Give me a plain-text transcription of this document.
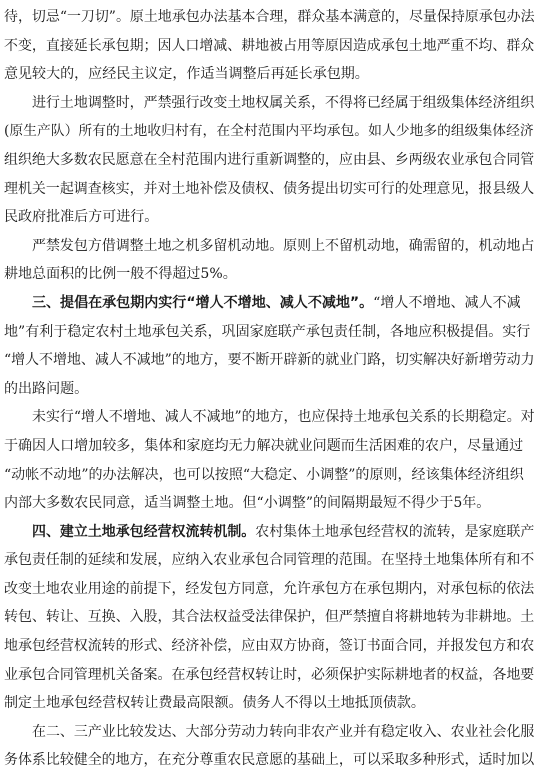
待，切忌“一刀切”。原土地承包办法基本合理，群众基本满意的，尽量保持原承包办法
不变，直接延长承包期；因人口增减、耕地被占用等原因造成承包土地严重不均、群众
意见较大的，应经民主议定，作适当调整后再延长承包期。
进行土地调整时，严禁强行改变土地权属关系，不得将已经属于组级集体经济组织
(原生产队）所有的土地收归村有，在全村范围内平均承包。如人少地多的组级集体经济
组织绝大多数农民愿意在全村范围内进行重新调整的，应由县、乡两级农业承包合同管
理机关一起调查核实，并对土地补偿及债权、债务提出切实可行的处理意见，报县级人
民政府批准后方可进行。
严禁发包方借调整土地之机多留机动地。原则上不留机动地，确需留的，机动地占
耕地总面积的比例一般不得超过5%。
三、提倡在承包期内实行“增人不增地、减人不减地”。“增人不增地、减人不减
地”有利于稳定农村土地承包关系，巩固家庭联产承包责任制，各地应积极提倡。实行
“增人不增地、减人不减地”的地方，要不断开辟新的就业门路，切实解决好新增劳动力
的出路问题。
未实行“增人不增地、减人不减地”的地方，也应保持土地承包关系的长期稳定。对
于确因人口增加较多，集体和家庭均无力解决就业问题而生活困难的农户，尽量通过
“动帐不动地”的办法解决，也可以按照“大稳定、小调整”的原则，经该集体经济组织
内部大多数农民同意，适当调整土地。但“小调整”的间隔期最短不得少于5年。
四、建立土地承包经营权流转机制。农村集体土地承包经营权的流转，是家庭联产
承包责任制的延续和发展，应纳入农业承包合同管理的范围。在坚持土地集体所有和不
改变土地农业用途的前提下，经发包方同意，允许承包方在承包期内，对承包标的依法
转包、转让、互换、入股，其合法权益受法律保护，但严禁擅自将耕地转为非耕地。土
地承包经营权流转的形式、经济补偿，应由双方协商，签订书面合同，并报发包方和农
业承包合同管理机关备案。在承包经营权转让时，必须保护实际耕地者的权益，各地要
制定土地承包经营权转让费最高限额。债务人不得以土地抵顶债款。
在二、三产业比较发达、大部分劳动力转向非农产业并有稳定收入、农业社会化服
务体系比较健全的地方，在充分尊重农民意愿的基础上，可以采取多种形式，适时加以
